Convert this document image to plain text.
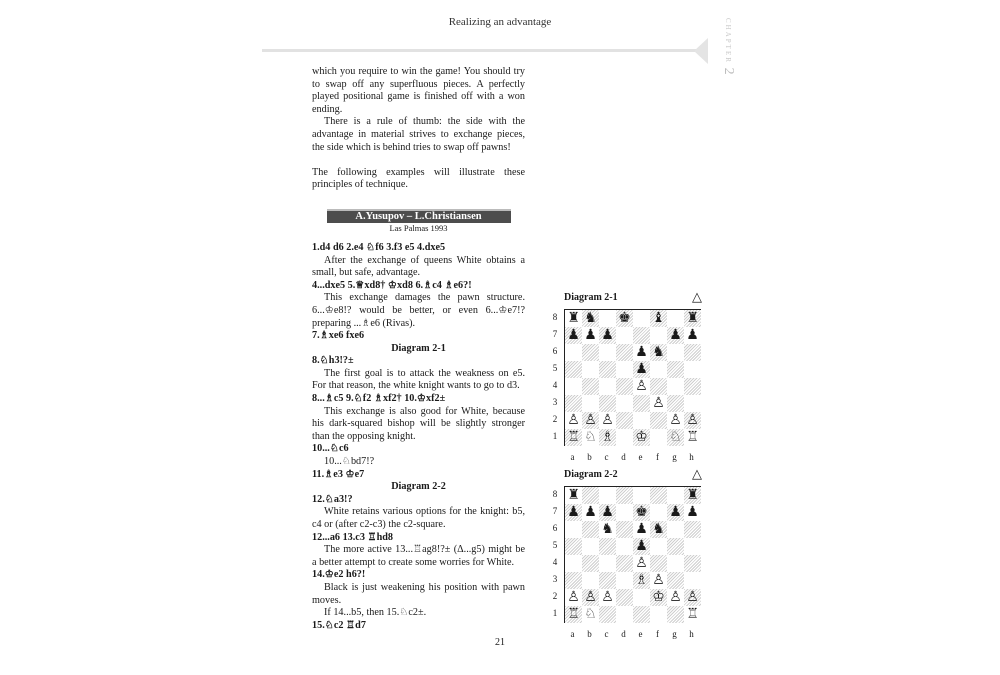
Realizing an advantage	CHAPTER 2

which you require to win the game! You should try to swap off any superfluous pieces. A perfectly played positional game is finished off with a won ending.

There is a rule of thumb: the side with the advantage in material strives to exchange pieces, the side which is behind tries to swap off pawns!

The following examples will illustrate these principles of technique.

A.Yusupov – L.Christiansen
Las Palmas 1993

1.d4 d6 2.e4 ♘f6 3.f3 e5 4.dxe5

After the exchange of queens White obtains a small, but safe, advantage.

4...dxe5 5.♕xd8† ♔xd8 6.♗c4 ♗e6?!

This exchange damages the pawn structure. 6...♔e8!? would be better, or even 6...♔e7!? preparing ...♗e6 (Rivas).

7.♗xe6 fxe6

Diagram 2-1

8.♘h3!?±

The first goal is to attack the weakness on e5. For that reason, the white knight wants to go to d3.

8...♗c5 9.♘f2 ♗xf2† 10.♔xf2±

This exchange is also good for White, because his dark-squared bishop will be slightly stronger than the opposing knight.

10...♘c6

10...♘bd7!?

11.♗e3 ♔e7

Diagram 2-2

12.♘a3!?

White retains various options for the knight: b5, c4 or (after c2-c3) the c2-square.

12...a6 13.c3 ♖hd8

The more active 13...♖ag8!?± (Δ...g5) might be a better attempt to create some worries for White.

14.♔e2 h6?!

Black is just weakening his position with pawn moves.

If 14...b5, then 15.♘c2±.

15.♘c2 ♖d7

21
Diagram 2-1	△
8
7
6
5
4
3
2
1
♜ ♞ ♚ ♝ ♜
♟ ♟ ♟	♟ ♟
♟ ♞
♟
♙
♙
♙ ♙ ♙	♙ ♙
♖ ♘ ♗ ♔ ♘ ♖
a	b	c	d	e	f	g	h
Diagram 2-2	△
8
7
6
5
4
3
2
1
♜	♜
♟ ♟ ♟ ♚ ♟ ♟
♞ ♟ ♞
♟
♙
♗ ♙
♙ ♙ ♙	♔ ♙ ♙
♖ ♘	♖
a	b	c	d	e	f	g	h
